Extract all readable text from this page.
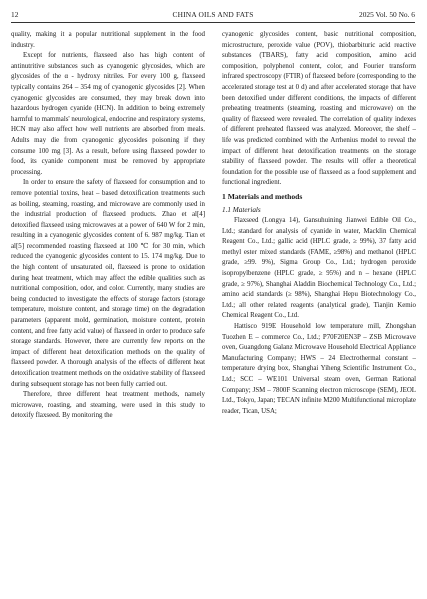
12	CHINA OILS AND FATS	2025 Vol. 50 No. 6

quality, making it a popular nutritional supplement in the food industry.

Except for nutrients, flaxseed also has high content of antinutritive substances such as cyanogenic glycosides, which are glycosides of the α - hydroxy nitriles. For every 100 g, flaxseed typically contains 264 – 354 mg of cyanogenic glycosides [2]. When cyanogenic glycosides are consumed, they may break down into hazardous hydrogen cyanide (HCN). In addition to being extremely harmful to mammals' neurological, endocrine and respiratory systems, HCN may also affect how well nutrients are absorbed from meals. Adults may die from cyanogenic glycosides poisoning if they consume 100 mg [3]. As a result, before using flaxseed powder to food, its cyanide component must be removed by appropriate processing.

In order to ensure the safety of flaxseed for consumption and to remove potential toxins, heat – based detoxification treatments such as boiling, steaming, roasting, and microwave are commonly used in the industrial production of flaxseed products. Zhao et al[4] detoxified flaxseed using microwaves at a power of 640 W for 2 min, resulting in a cyanogenic glycosides content of 6. 987 mg/kg. Tian et al[5] recommended roasting flaxseed at 100 ℃ for 30 min, which reduced the cyanogenic glycosides content to 15. 174 mg/kg. Due to the high content of unsaturated oil, flaxseed is prone to oxidation during heat treatment, which may affect the edible qualities such as nutritional composition, odor, and color. Currently, many studies are being conducted to investigate the effects of storage factors (storage temperature, moisture content, and storage time) on the degradation parameters (apparent mold, germination, moisture content, protein content, and free fatty acid value) of flaxseed in order to produce safe storage standards. However, there are currently few reports on the impact of different heat detoxification methods on the quality of flaxseed powder. A thorough analysis of the effects of different heat detoxification treatment methods on the oxidative stability of flaxseed during subsequent storage has not been fully carried out.

Therefore, three different heat treatment methods, namely microwave, roasting, and steaming, were used in this study to detoxify flaxseed. By monitoring the

cyanogenic glycosides content, basic nutritional composition, microstructure, peroxide value (POV), thiobarbituric acid reactive substances (TBARS), fatty acid composition, amino acid composition, polyphenol content, color, and Fourier transform infrared spectroscopy (FTIR) of flaxseed before (corresponding to the accelerated storage test at 0 d) and after accelerated storage that have been detoxified under different conditions, the impacts of different preheating treatments (steaming, roasting and microwave) on the quality of flaxseed were revealed. The correlation of quality indexes of different preheated flaxseed was analyzed. Moreover, the shelf – life was predicted combined with the Arrhenius model to reveal the impact of different heat detoxification treatments on the storage stability of flaxseed powder. The results will offer a theoretical foundation for the possible use of flaxseed as a food supplement and functional ingredient.

1 Materials and methods
1.1 Materials

Flaxseed (Longya 14), Gansuhuining Jianwei Edible Oil Co., Ltd.; standard for analysis of cyanide in water, Macklin Chemical Reagent Co., Ltd.; gallic acid (HPLC grade, ≥ 99%), 37 fatty acid methyl ester mixed standards (FAME, ≥98%) and methanol (HPLC grade, ≥99. 9%), Sigma Group Co., Ltd.; hydrogen peroxide isopropylbenzene (HPLC grade, ≥ 95%) and n – hexane (HPLC grade, ≥ 97%), Shanghai Aladdin Biochemical Technology Co., Ltd.; amino acid standards (≥ 98%), Shanghai Hepu Biotechnology Co., Ltd.; all other related reagents (analytical grade), Tianjin Kemio Chemical Reagent Co., Ltd.

Hattisco 919E Household low temperature mill, Zhongshan Tuozhen E – commerce Co., Ltd.; P70F20EN3P – ZSB Microwave oven, Guangdong Galanz Microwave Household Electrical Appliance Manufacturing Company; HWS – 24 Electrothermal constant – temperature drying box, Shanghai Yiheng Scientific Instrument Co., Ltd.; SCC – WE101 Universal steam oven, German Rational Company; JSM – 7800F Scanning electron microscope (SEM), JEOL Ltd., Tokyo, Japan; TECAN infinite M200 Multifunctional microplate reader, Tican, USA;
